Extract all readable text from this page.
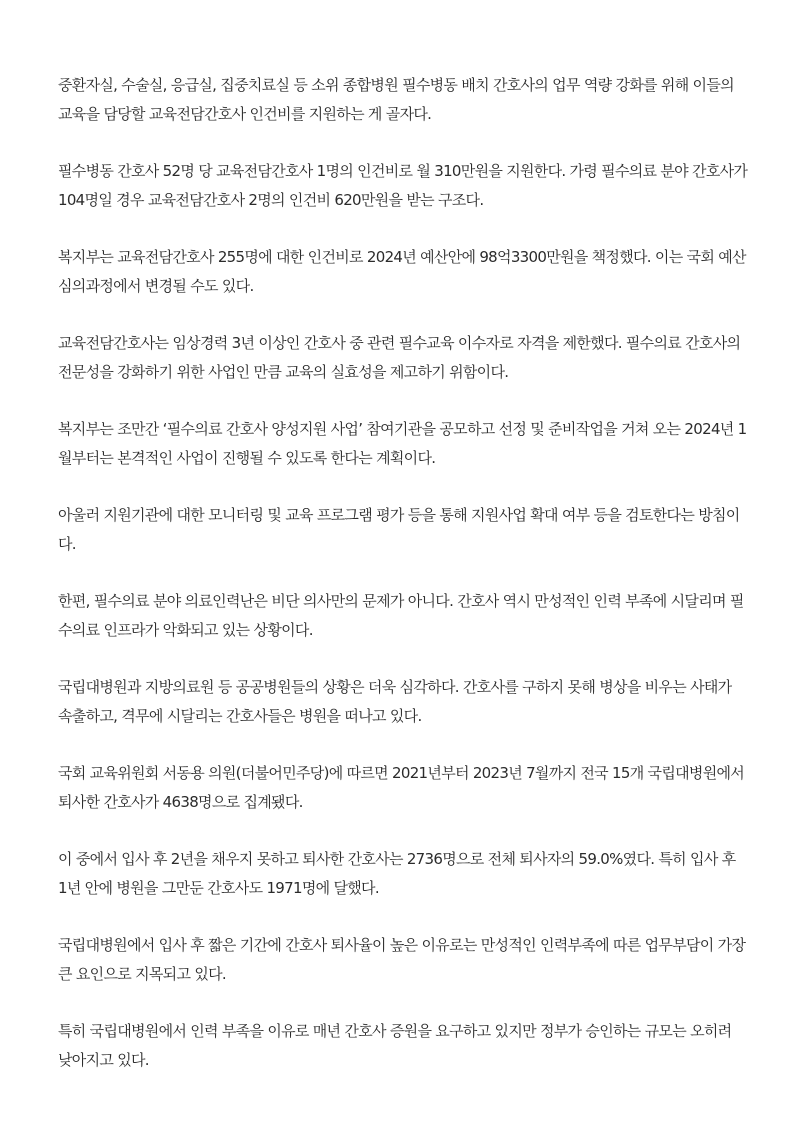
중환자실, 수술실, 응급실, 집중치료실 등 소위 종합병원 필수병동 배치 간호사의 업무 역량 강화를 위해 이들의 교육을 담당할 교육전담간호사 인건비를 지원하는 게 골자다.

필수병동 간호사 52명 당 교육전담간호사 1명의 인건비로 월 310만원을 지원한다. 가령 필수의료 분야 간호사가 104명일 경우 교육전담간호사 2명의 인건비 620만원을 받는 구조다.

복지부는 교육전담간호사 255명에 대한 인건비로 2024년 예산안에 98억3300만원을 책정했다. 이는 국회 예산 심의과정에서 변경될 수도 있다.

교육전담간호사는 임상경력 3년 이상인 간호사 중 관련 필수교육 이수자로 자격을 제한했다. 필수의료 간호사의 전문성을 강화하기 위한 사업인 만큼 교육의 실효성을 제고하기 위함이다.

복지부는 조만간 ‘필수의료 간호사 양성지원 사업’ 참여기관을 공모하고 선정 및 준비작업을 거쳐 오는 2024년 1월부터는 본격적인 사업이 진행될 수 있도록 한다는 계획이다.

아울러 지원기관에 대한 모니터링 및 교육 프로그램 평가 등을 통해 지원사업 확대 여부 등을 검토한다는 방침이다.

한편, 필수의료 분야 의료인력난은 비단 의사만의 문제가 아니다. 간호사 역시 만성적인 인력 부족에 시달리며 필수의료 인프라가 악화되고 있는 상황이다.

국립대병원과 지방의료원 등 공공병원들의 상황은 더욱 심각하다. 간호사를 구하지 못해 병상을 비우는 사태가 속출하고, 격무에 시달리는 간호사들은 병원을 떠나고 있다.

국회 교육위원회 서동용 의원(더불어민주당)에 따르면 2021년부터 2023년 7월까지 전국 15개 국립대병원에서 퇴사한 간호사가 4638명으로 집계됐다.

이 중에서 입사 후 2년을 채우지 못하고 퇴사한 간호사는 2736명으로 전체 퇴사자의 59.0%였다. 특히 입사 후 1년 안에 병원을 그만둔 간호사도 1971명에 달했다.

국립대병원에서 입사 후 짧은 기간에 간호사 퇴사율이 높은 이유로는 만성적인 인력부족에 따른 업무부담이 가장 큰 요인으로 지목되고 있다.

특히 국립대병원에서 인력 부족을 이유로 매년 간호사 증원을 요구하고 있지만 정부가 승인하는 규모는 오히려 낮아지고 있다.
